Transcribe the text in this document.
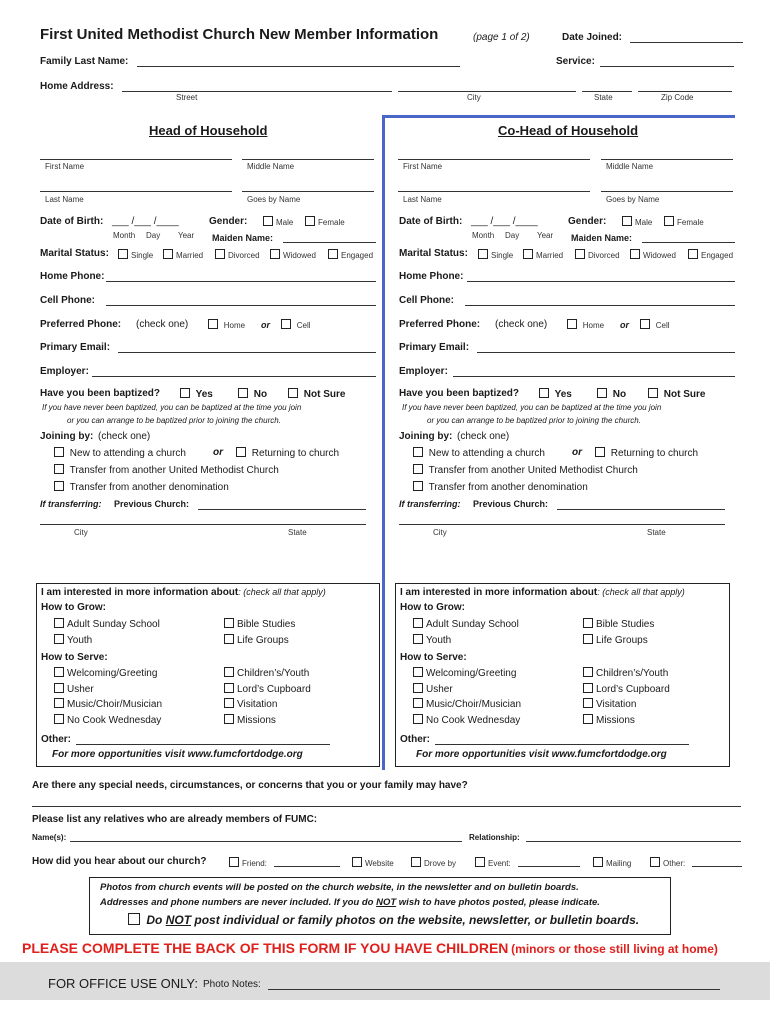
First United Methodist Church New Member Information	(page 1 of 2)	Date Joined:
Family Last Name:	Service:
Home Address:
Street	City	State	Zip Code
Head of Household
First Name	Middle Name
Last Name	Goes by Name
Date of Birth: ___ /___ /____
Month Day Year
Gender:	Male	Female
Maiden Name:
Marital Status:	Single	Married	Divorced	Widowed	Engaged
Home Phone:
Cell Phone:
Preferred Phone: (check one)	Home or	Cell
Primary Email:
Employer:
Have you been baptized?	Yes	No	Not Sure
If you have never been baptized, you can be baptized at the time you join
or you can arrange to be baptized prior to joining the church.
Joining by: (check one)
New to attending a church	or	Returning to church
Transfer from another United Methodist Church
Transfer from another denomination
If transferring: Previous Church:
City	State
Co-Head of Household
First Name	Middle Name
Last Name	Goes by Name
Date of Birth: ___ /___ /____
Month Day Year
Gender:	Male	Female
Maiden Name:
Marital Status:	Single	Married	Divorced	Widowed	Engaged
Home Phone:
Cell Phone:
Preferred Phone: (check one)	Home or	Cell
Primary Email:
Employer:
Have you been baptized?	Yes	No	Not Sure
If you have never been baptized, you can be baptized at the time you join
or you can arrange to be baptized prior to joining the church.
Joining by: (check one)
New to attending a church	or	Returning to church
Transfer from another United Methodist Church
Transfer from another denomination
If transferring: Previous Church:
City	State
I am interested in more information about: (check all that apply)
How to Grow:
Adult Sunday School	Bible Studies
Youth	Life Groups
How to Serve:
Welcoming/Greeting	Children’s/Youth
Usher	Lord’s Cupboard
Music/Choir/Musician	Visitation
No Cook Wednesday	Missions
Other:
For more opportunities visit www.fumcfortdodge.org
I am interested in more information about: (check all that apply)
How to Grow:
Adult Sunday School	Bible Studies
Youth	Life Groups
How to Serve:
Welcoming/Greeting	Children’s/Youth
Usher	Lord’s Cupboard
Music/Choir/Musician	Visitation
No Cook Wednesday	Missions
Other:
For more opportunities visit www.fumcfortdodge.org
Are there any special needs, circumstances, or concerns that you or your family may have?
Please list any relatives who are already members of FUMC:
Name(s):	Relationship:
How did you hear about our church?	Friend:	Website	Drove by	Event:	Mailing	Other:
Photos from church events will be posted on the church website, in the newsletter and on bulletin boards.
Addresses and phone numbers are never included. If you do NOT wish to have photos posted, please indicate.
Do NOT post individual or family photos on the website, newsletter, or bulletin boards.
PLEASE COMPLETE THE BACK OF THIS FORM IF YOU HAVE CHILDREN (minors or those still living at home)
FOR OFFICE USE ONLY: Photo Notes:
